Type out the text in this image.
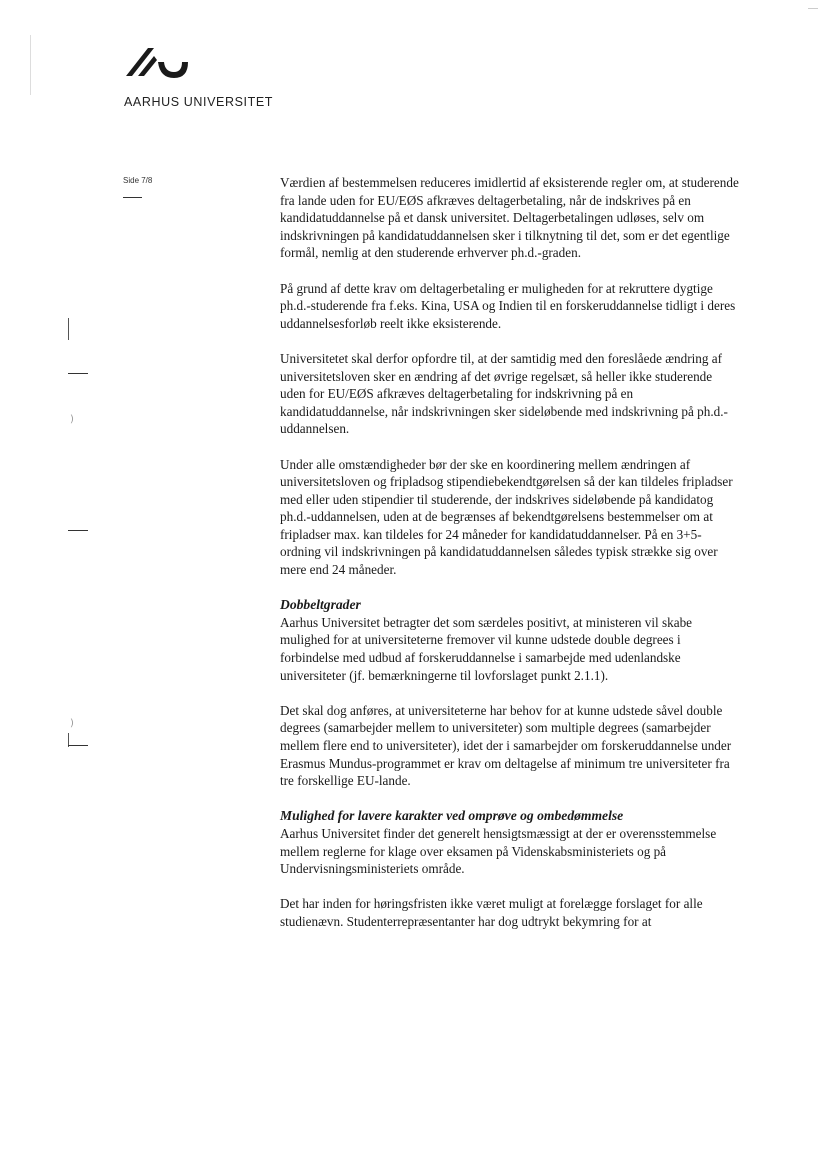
AARHUS UNIVERSITET
Side 7/8
)
)

Værdien af bestemmelsen reduceres imidlertid af eksisterende regler om, at studerende fra lande uden for EU/EØS afkræves deltagerbetaling, når de indskrives på en kandidatuddannelse på et dansk universitet. Deltagerbetalingen udløses, selv om indskrivningen på kandidatuddannelsen sker i tilknytning til det, som er det egentlige formål, nemlig at den studerende erhverver ph.d.-graden.

På grund af dette krav om deltagerbetaling er muligheden for at rekruttere dygtige ph.d.-studerende fra f.eks. Kina, USA og Indien til en forskeruddannelse tidligt i deres uddannelsesforløb reelt ikke eksisterende.

Universitetet skal derfor opfordre til, at der samtidig med den foreslåede ændring af universitetsloven sker en ændring af det øvrige regelsæt, så heller ikke studerende uden for EU/EØS afkræves deltagerbetaling for indskrivning på en kandidatuddannelse, når indskrivningen sker sideløbende med indskrivning på ph.d.-uddannelsen.

Under alle omstændigheder bør der ske en koordinering mellem ændringen af universitetsloven og fripladsog stipendiebekendtgørelsen så der kan tildeles fripladser med eller uden stipendier til studerende, der indskrives sideløbende på kandidatog ph.d.-uddannelsen, uden at de begrænses af bekendtgørelsens bestemmelser om at fripladser max. kan tildeles for 24 måneder for kandidatuddannelser. På en 3+5-ordning vil indskrivningen på kandidatuddannelsen således typisk strække sig over mere end 24 måneder.

Dobbeltgrader

Aarhus Universitet betragter det som særdeles positivt, at ministeren vil skabe mulighed for at universiteterne fremover vil kunne udstede double degrees i forbindelse med udbud af forskeruddannelse i samarbejde med udenlandske universiteter (jf. bemærkningerne til lovforslaget punkt 2.1.1).

Det skal dog anføres, at universiteterne har behov for at kunne udstede såvel double degrees (samarbejder mellem to universiteter) som multiple degrees (samarbejder mellem flere end to universiteter), idet der i samarbejder om forskeruddannelse under Erasmus Mundus-programmet er krav om deltagelse af minimum tre universiteter fra tre forskellige EU-lande.

Mulighed for lavere karakter ved omprøve og ombedømmelse

Aarhus Universitet finder det generelt hensigtsmæssigt at der er overensstemmelse mellem reglerne for klage over eksamen på Videnskabsministeriets og på Undervisningsministeriets område.

Det har inden for høringsfristen ikke været muligt at forelægge forslaget for alle studienævn. Studenterrepræsentanter har dog udtrykt bekymring for at
